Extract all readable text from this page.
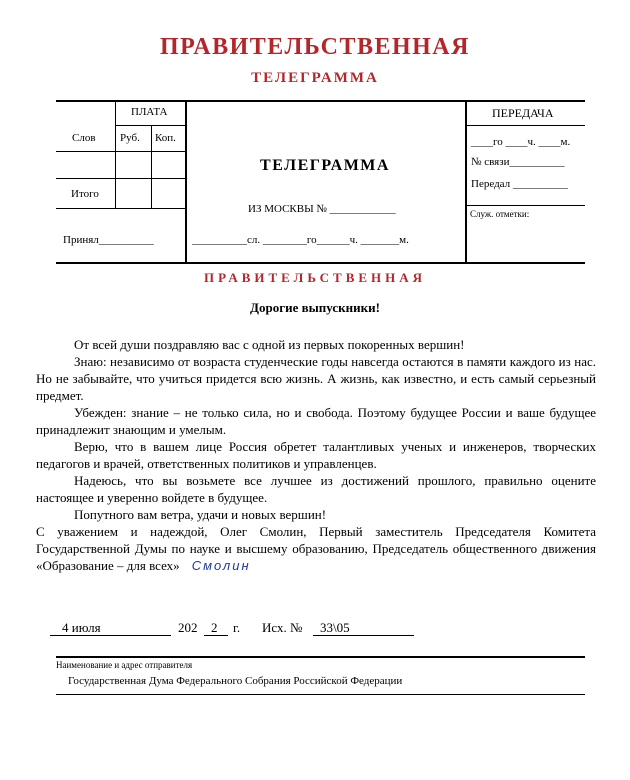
ПРАВИТЕЛЬСТВЕННАЯ
ТЕЛЕГРАММА
ПЛАТА
Слов Руб. Коп.
Итого
Принял__________
ТЕЛЕГРАММА
ИЗ МОСКВЫ № ____________
__________сл. ________го______ч. _______м.
ПЕРЕДАЧА
____го ____ч. ____м.
№ связи__________
Передал __________
Служ. отметки:
ПРАВИТЕЛЬСТВЕННАЯ
Дорогие выпускники!

От всей души поздравляю вас с одной из первых покоренных вершин!

Знаю: независимо от возраста студенческие годы навсегда остаются в памяти каждого из нас. Но не забывайте, что учиться придется всю жизнь. А жизнь, как известно, и есть самый серьезный предмет.

Убежден: знание – не только сила, но и свобода. Поэтому будущее России и ваше будущее принадлежит знающим и умелым.

Верю, что в вашем лице Россия обретет талантливых ученых и инженеров, творческих педагогов и врачей, ответственных политиков и управленцев.

Надеюсь, что вы возьмете все лучшее из достижений прошлого, правильно оцените настоящее и уверенно войдете в будущее.

Попутного вам ветра, удачи и новых вершин!

С уважением и надеждой, Олег Смолин, Первый заместитель Председателя Комитета Государственной Думы по науке и высшему образованию, Председатель общественного движения «Образование – для всех» Смолин

4 июля	202 2 г. Исх. № 33\05
Наименование и адрес отправителя
Государственная Дума Федерального Собрания Российской Федерации
